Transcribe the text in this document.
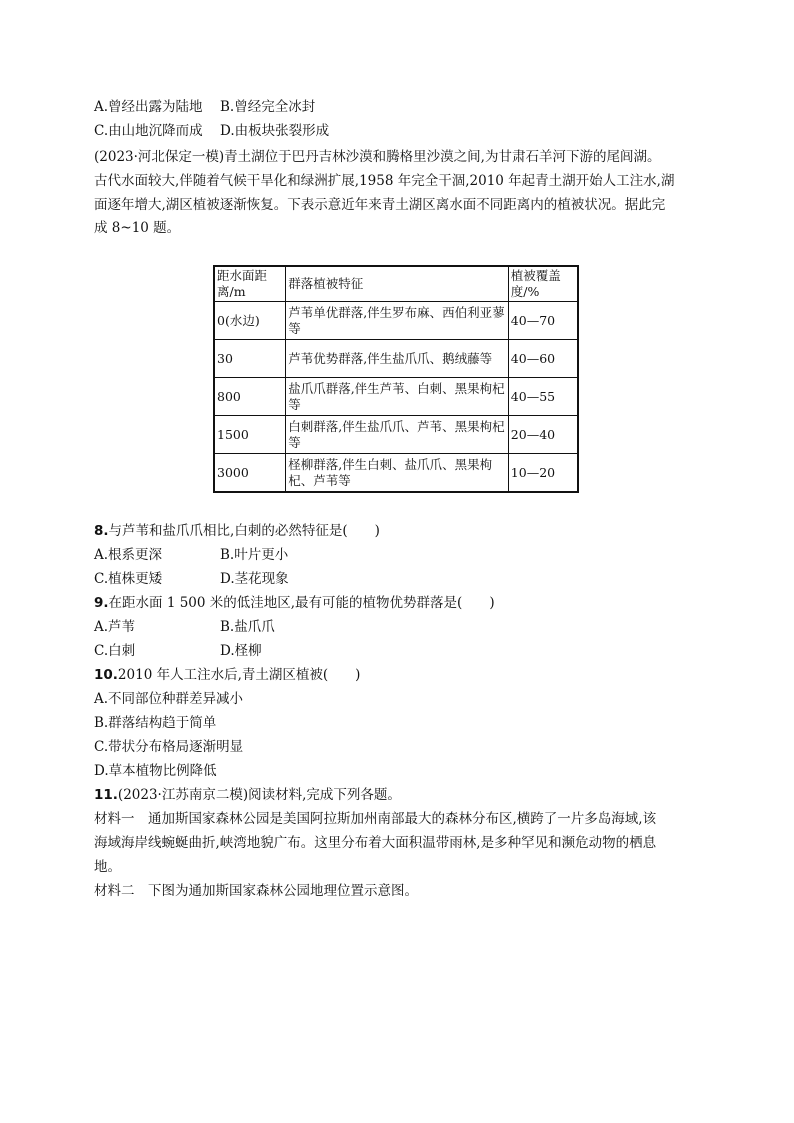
A.曾经出露为陆地 B.曾经完全冰封
C.由山地沉降而成 D.由板块张裂形成
(2023·河北保定一模)青土湖位于巴丹吉林沙漠和腾格里沙漠之间,为甘肃石羊河下游的尾闾湖。
古代水面较大,伴随着气候干旱化和绿洲扩展,1958 年完全干涸,2010 年起青土湖开始人工注水,湖
面逐年增大,湖区植被逐渐恢复。下表示意近年来青土湖区离水面不同距离内的植被状况。据此完
成 8~10 题。
距水面距离/m	群落植被特征	植被覆盖度/%
0(水边)	芦苇单优群落,伴生罗布麻、西伯利亚蓼等	40—70
30	芦苇优势群落,伴生盐爪爪、鹅绒藤等	40—60
800	盐爪爪群落,伴生芦苇、白刺、黑果枸杞等	40—55
1500	白刺群落,伴生盐爪爪、芦苇、黑果枸杞等	20—40
3000	柽柳群落,伴生白刺、盐爪爪、黑果枸杞、芦苇等	10—20
8.与芦苇和盐爪爪相比,白刺的必然特征是(　　)
A.根系更深	B.叶片更小
C.植株更矮	D.茎花现象
9.在距水面 1 500 米的低洼地区,最有可能的植物优势群落是(　　)
A.芦苇	B.盐爪爪
C.白刺	D.柽柳
10.2010 年人工注水后,青土湖区植被(　　)
A.不同部位种群差异减小
B.群落结构趋于简单
C.带状分布格局逐渐明显
D.草本植物比例降低
11.(2023·江苏南京二模)阅读材料,完成下列各题。
材料一　通加斯国家森林公园是美国阿拉斯加州南部最大的森林分布区,横跨了一片多岛海域,该
海域海岸线蜿蜒曲折,峡湾地貌广布。这里分布着大面积温带雨林,是多种罕见和濒危动物的栖息
地。
材料二　下图为通加斯国家森林公园地理位置示意图。
